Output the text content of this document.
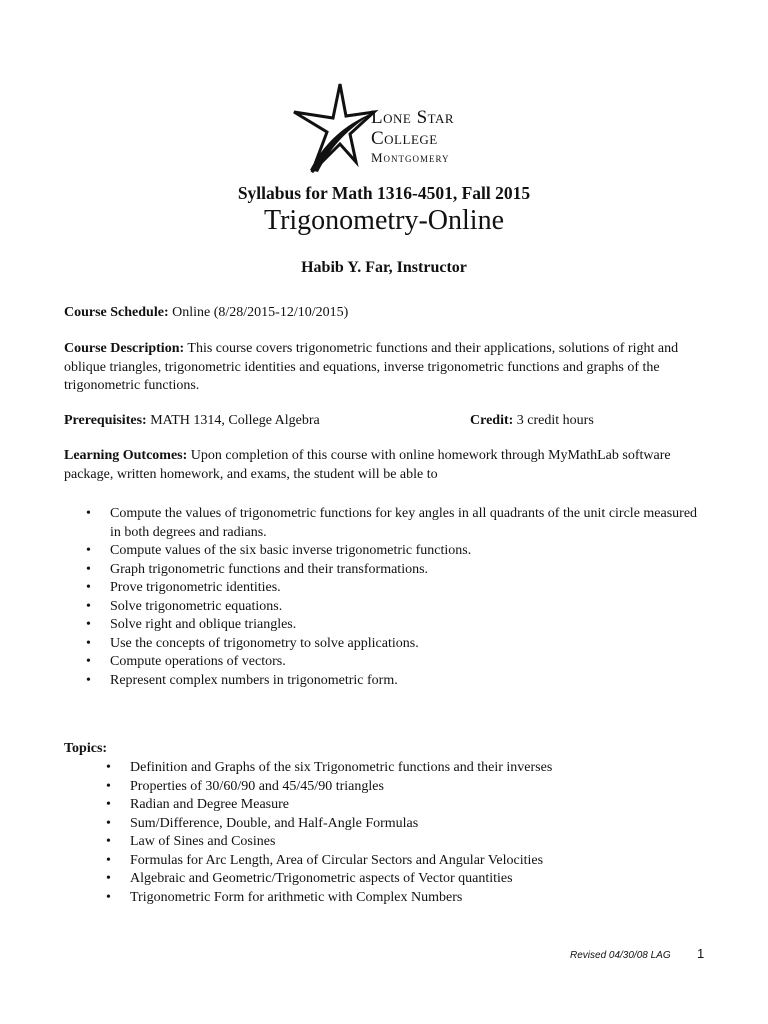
Lone Star
College
Montgomery
Syllabus for Math 1316-4501, Fall 2015
Trigonometry-Online
Habib Y. Far, Instructor
Course Schedule: Online (8/28/2015-12/10/2015)
Course Description: This course covers trigonometric functions and their applications, solutions of right and oblique triangles, trigonometric identities and equations, inverse trigonometric functions and graphs of the trigonometric functions.
Prerequisites: MATH 1314, College Algebra	Credit: 3 credit hours
Learning Outcomes: Upon completion of this course with online homework through MyMathLab software package, written homework, and exams, the student will be able to
• Compute the values of trigonometric functions for key angles in all quadrants of the unit circle measured in both degrees and radians.
• Compute values of the six basic inverse trigonometric functions.
• Graph trigonometric functions and their transformations.
• Prove trigonometric identities.
• Solve trigonometric equations.
• Solve right and oblique triangles.
• Use the concepts of trigonometry to solve applications.
• Compute operations of vectors.
• Represent complex numbers in trigonometric form.
Topics:
• Definition and Graphs of the six Trigonometric functions and their inverses
• Properties of 30/60/90 and 45/45/90 triangles
• Radian and Degree Measure
• Sum/Difference, Double, and Half-Angle Formulas
• Law of Sines and Cosines
• Formulas for Arc Length, Area of Circular Sectors and Angular Velocities
• Algebraic and Geometric/Trigonometric aspects of Vector quantities
• Trigonometric Form for arithmetic with Complex Numbers
Revised 04/30/08 LAG 1
